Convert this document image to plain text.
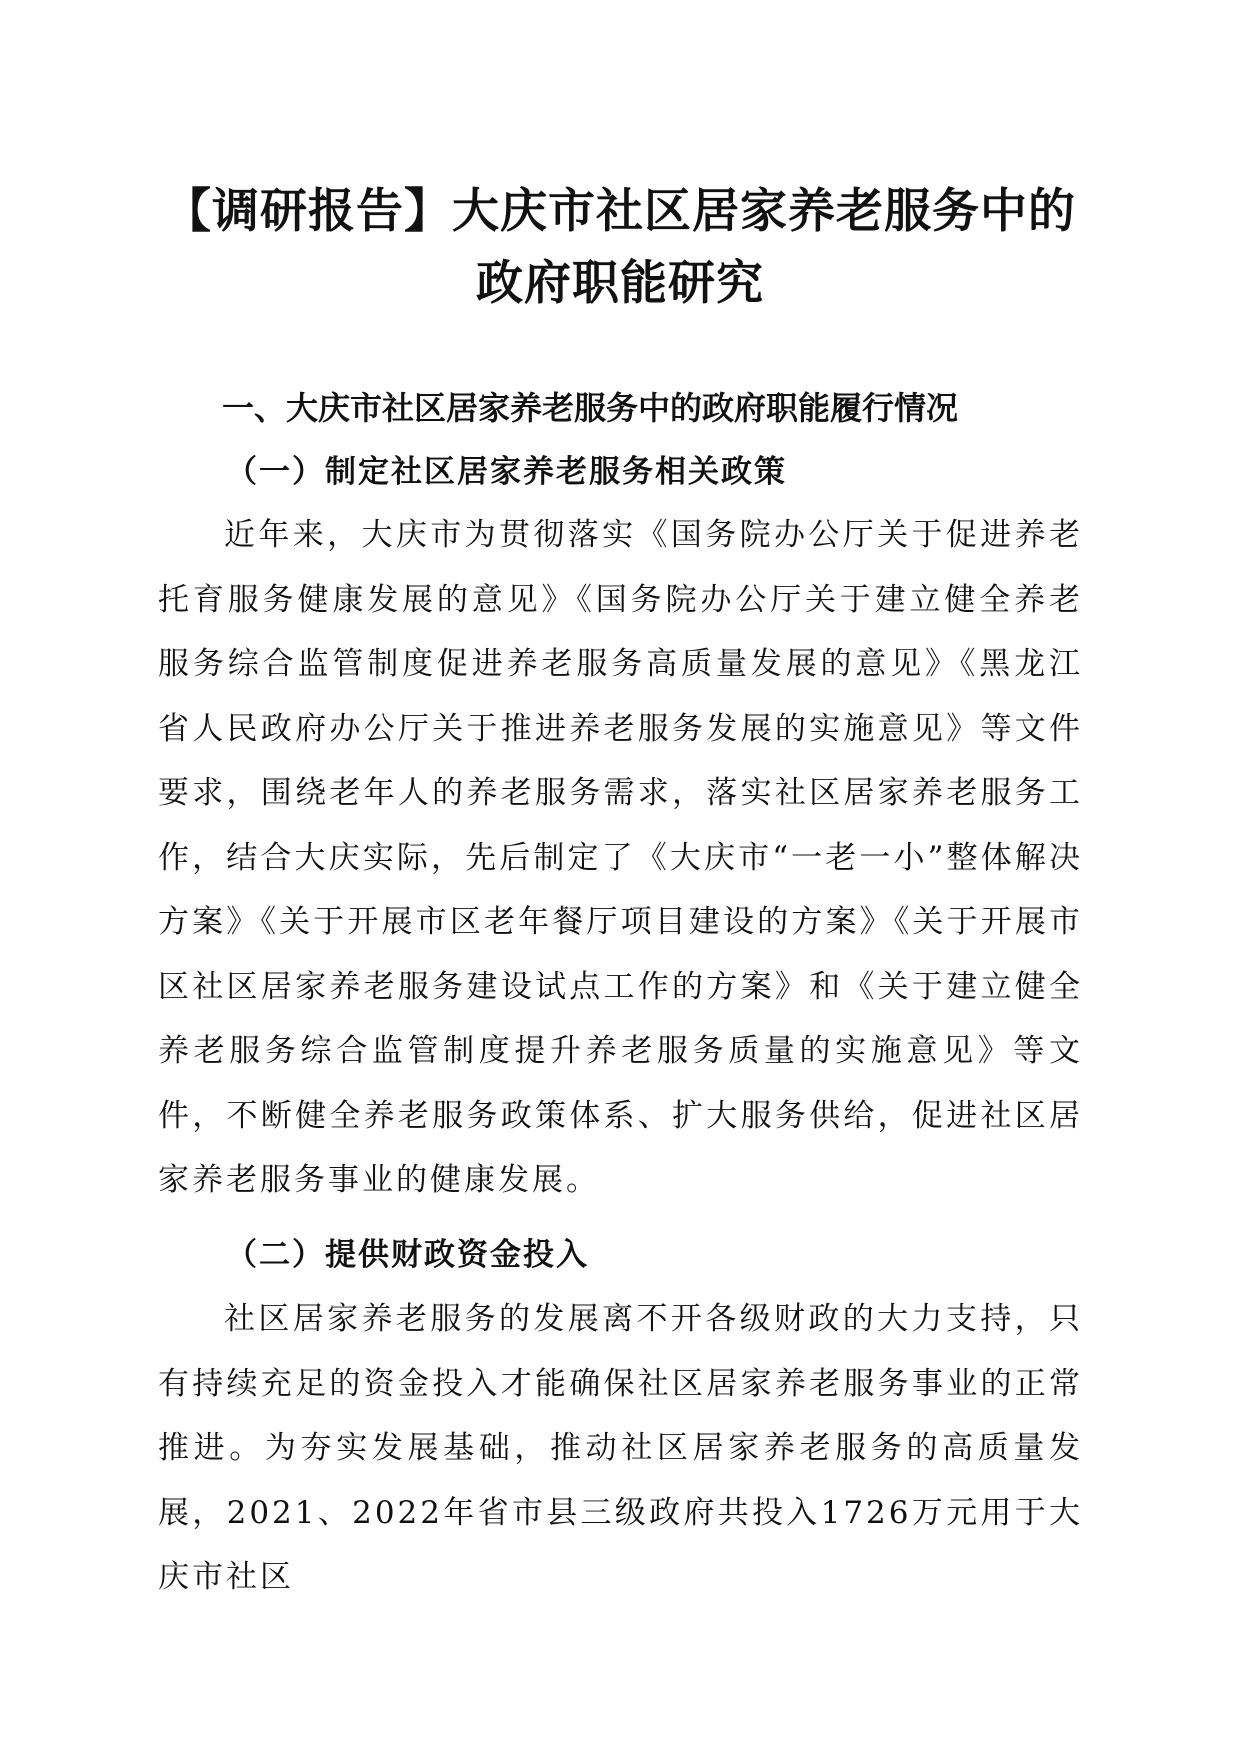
【调研报告】大庆市社区居家养老服务中的政府职能研究
一、大庆市社区居家养老服务中的政府职能履行情况
（一）制定社区居家养老服务相关政策

近年来，大庆市为贯彻落实《国务院办公厅关于促进养老托育服务健康发展的意见》《国务院办公厅关于建立健全养老服务综合监管制度促进养老服务高质量发展的意见》《黑龙江省人民政府办公厅关于推进养老服务发展的实施意见》等文件要求，围绕老年人的养老服务需求，落实社区居家养老服务工作，结合大庆实际，先后制定了《大庆市“一老一小”整体解决方案》《关于开展市区老年餐厅项目建设的方案》《关于开展市区社区居家养老服务建设试点工作的方案》和《关于建立健全养老服务综合监管制度提升养老服务质量的实施意见》等文件，不断健全养老服务政策体系、扩大服务供给，促进社区居家养老服务事业的健康发展。

（二）提供财政资金投入

社区居家养老服务的发展离不开各级财政的大力支持，只有持续充足的资金投入才能确保社区居家养老服务事业的正常推进。为夯实发展基础，推动社区居家养老服务的高质量发展，2021、2022年省市县三级政府共投入1726万元用于大庆市社区
